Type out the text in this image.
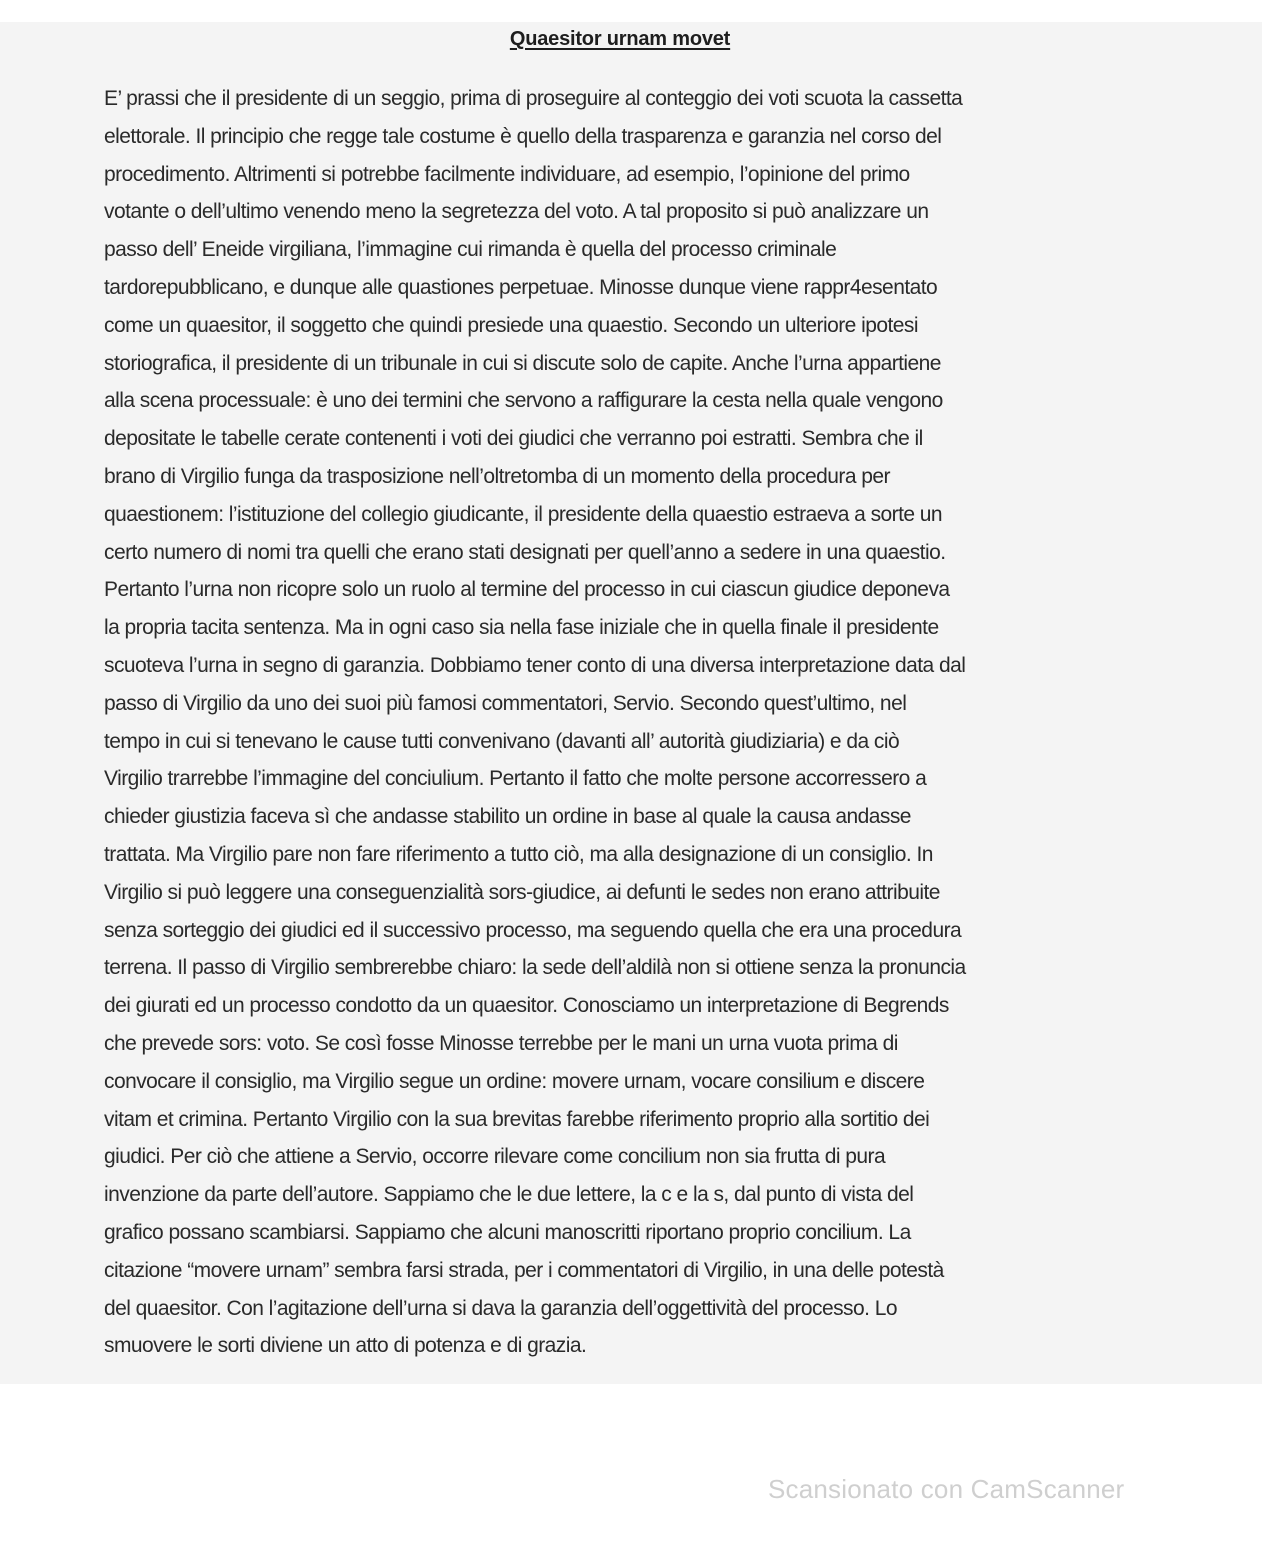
Quaesitor urnam movet
E’ prassi che il presidente di un seggio, prima di proseguire al conteggio dei voti scuota la cassetta
elettorale. Il principio che regge tale costume è quello della trasparenza e garanzia nel corso del
procedimento. Altrimenti si potrebbe facilmente individuare, ad esempio, l’opinione del primo
votante o dell’ultimo venendo meno la segretezza del voto. A tal proposito si può analizzare un
passo dell’ Eneide virgiliana, l’immagine cui rimanda è quella del processo criminale
tardorepubblicano, e dunque alle quastiones perpetuae. Minosse dunque viene rappr4esentato
come un quaesitor, il soggetto che quindi presiede una quaestio. Secondo un ulteriore ipotesi
storiografica, il presidente di un tribunale in cui si discute solo de capite. Anche l’urna appartiene
alla scena processuale: è uno dei termini che servono a raffigurare la cesta nella quale vengono
depositate le tabelle cerate contenenti i voti dei giudici che verranno poi estratti. Sembra che il
brano di Virgilio funga da trasposizione nell’oltretomba di un momento della procedura per
quaestionem: l’istituzione del collegio giudicante, il presidente della quaestio estraeva a sorte un
certo numero di nomi tra quelli che erano stati designati per quell’anno a sedere in una quaestio.
Pertanto l’urna non ricopre solo un ruolo al termine del processo in cui ciascun giudice deponeva
la propria tacita sentenza. Ma in ogni caso sia nella fase iniziale che in quella finale il presidente
scuoteva l’urna in segno di garanzia. Dobbiamo tener conto di una diversa interpretazione data dal
passo di Virgilio da uno dei suoi più famosi commentatori, Servio. Secondo quest’ultimo, nel
tempo in cui si tenevano le cause tutti convenivano (davanti all’ autorità giudiziaria) e da ciò
Virgilio trarrebbe l’immagine del conciulium. Pertanto il fatto che molte persone accorressero a
chieder giustizia faceva sì che andasse stabilito un ordine in base al quale la causa andasse
trattata. Ma Virgilio pare non fare riferimento a tutto ciò, ma alla designazione di un consiglio. In
Virgilio si può leggere una conseguenzialità sors-giudice, ai defunti le sedes non erano attribuite
senza sorteggio dei giudici ed il successivo processo, ma seguendo quella che era una procedura
terrena. Il passo di Virgilio sembrerebbe chiaro: la sede dell’aldilà non si ottiene senza la pronuncia
dei giurati ed un processo condotto da un quaesitor. Conosciamo un interpretazione di Begrends
che prevede sors: voto. Se così fosse Minosse terrebbe per le mani un urna vuota prima di
convocare il consiglio, ma Virgilio segue un ordine: movere urnam, vocare consilium e discere
vitam et crimina. Pertanto Virgilio con la sua brevitas farebbe riferimento proprio alla sortitio dei
giudici. Per ciò che attiene a Servio, occorre rilevare come concilium non sia frutta di pura
invenzione da parte dell’autore. Sappiamo che le due lettere, la c e la s, dal punto di vista del
grafico possano scambiarsi. Sappiamo che alcuni manoscritti riportano proprio concilium. La
citazione “movere urnam” sembra farsi strada, per i commentatori di Virgilio, in una delle potestà
del quaesitor. Con l’agitazione dell’urna si dava la garanzia dell’oggettività del processo. Lo
smuovere le sorti diviene un atto di potenza e di grazia.
Scansionato con CamScanner
